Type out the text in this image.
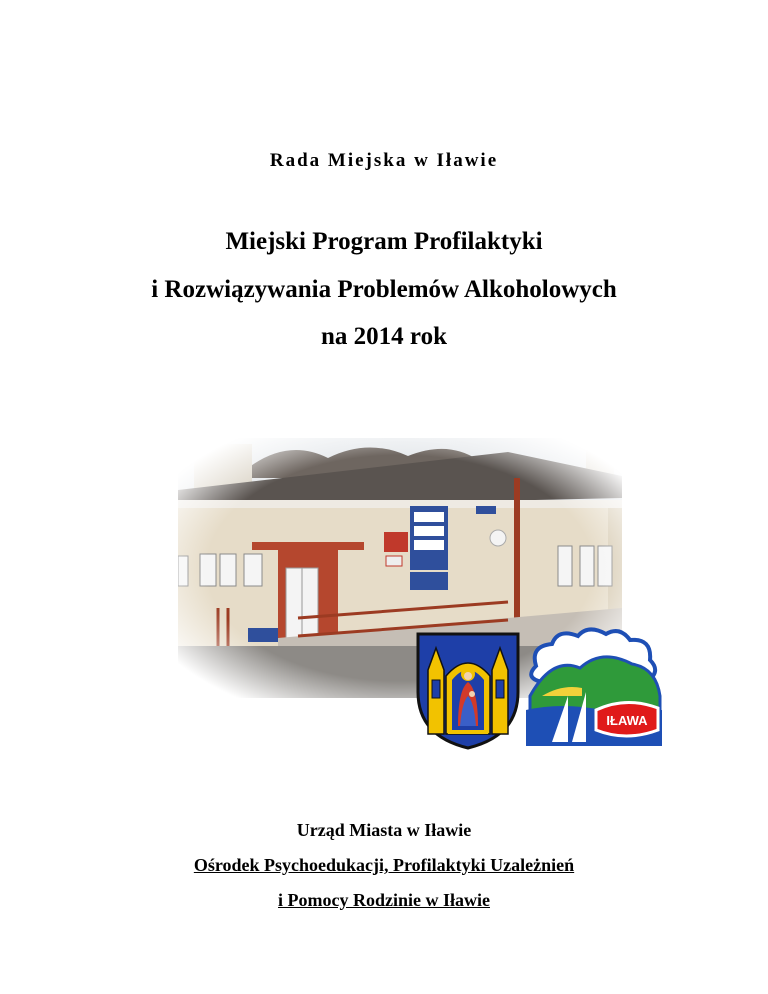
Rada Miejska w Iławie
Miejski Program Profilaktyki
i Rozwiązywania Problemów Alkoholowych
na 2014 rok
IŁAWA
Urząd Miasta w Iławie
Ośrodek Psychoedukacji, Profilaktyki Uzależnień
i Pomocy Rodzinie w Iławie
